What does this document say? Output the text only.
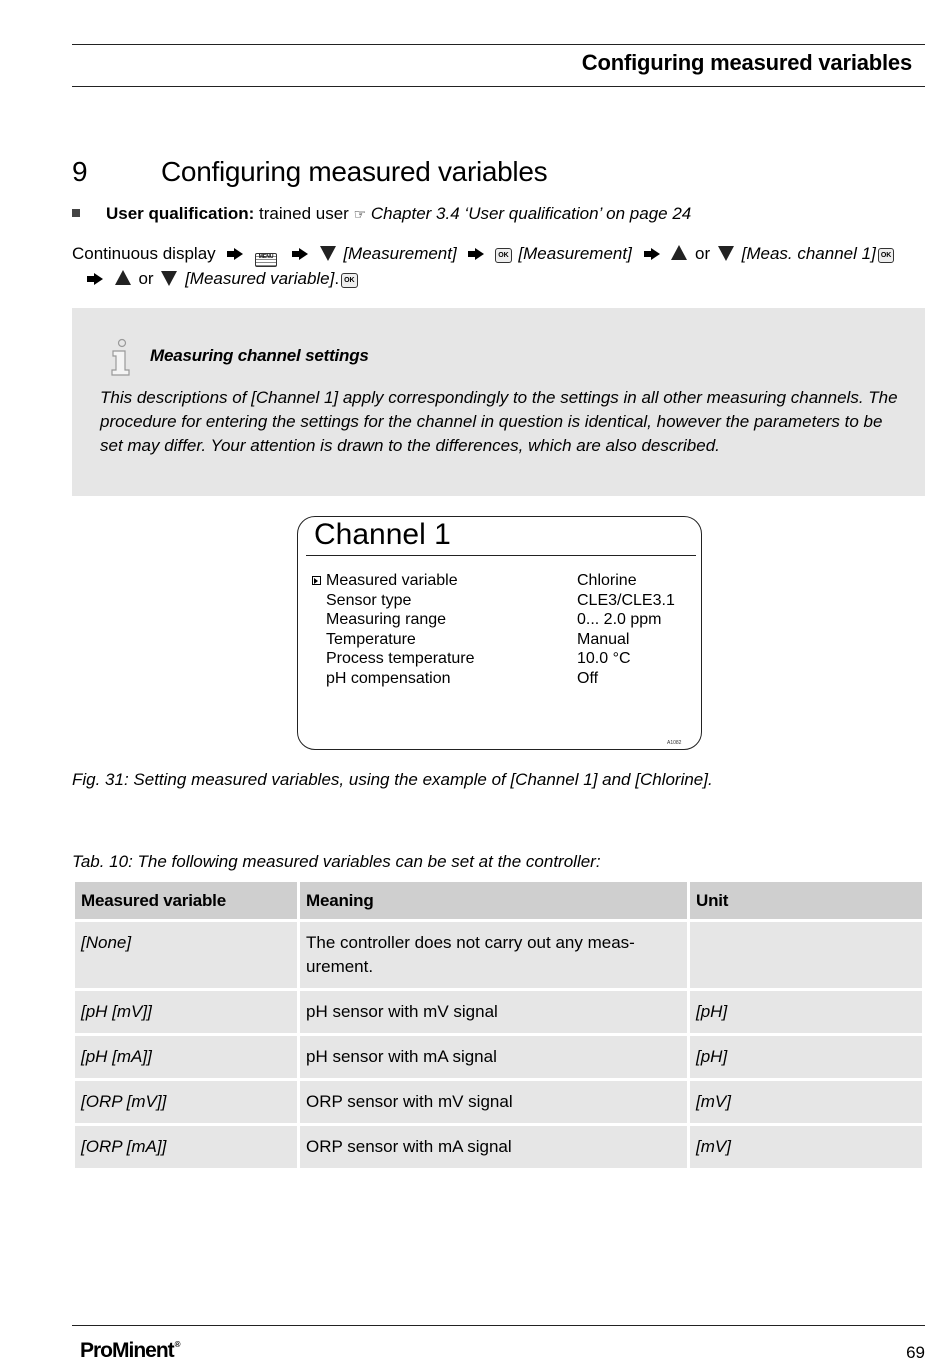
Configuring measured variables
9	Configuring measured variables
User qualification: trained user ☞ Chapter 3.4 ‘User qualification’ on page 24
Continuous display	MENU	[Measurement]	OK [Measurement]	or [Meas. channel 1] OK
or [Measured variable]. OK
Measuring channel settings
This descriptions of [Channel 1] apply correspondingly to the settings in all other measuring channels. The procedure for entering the settings for the channel in question is identical, however the parameters to be set may differ. Your attention is drawn to the differences, which are also described.
Channel 1
Measured variable	Chlorine
Sensor type	CLE3/CLE3.1
Measuring range	0... 2.0 ppm
Temperature	Manual
Process temperature	10.0 °C
pH compensation	Off
A1082
Fig. 31: Setting measured variables, using the example of [Channel 1] and [Chlorine].
Tab. 10: The following measured variables can be set at the controller:
Measured variable	Meaning	Unit
[None]	The controller does not carry out any measurement.	
[pH [mV]]	pH sensor with mV signal	[pH]
[pH [mA]]	pH sensor with mA signal	[pH]
[ORP [mV]]	ORP sensor with mV signal	[mV]
[ORP [mA]]	ORP sensor with mA signal	[mV]
ProMinent®	69
